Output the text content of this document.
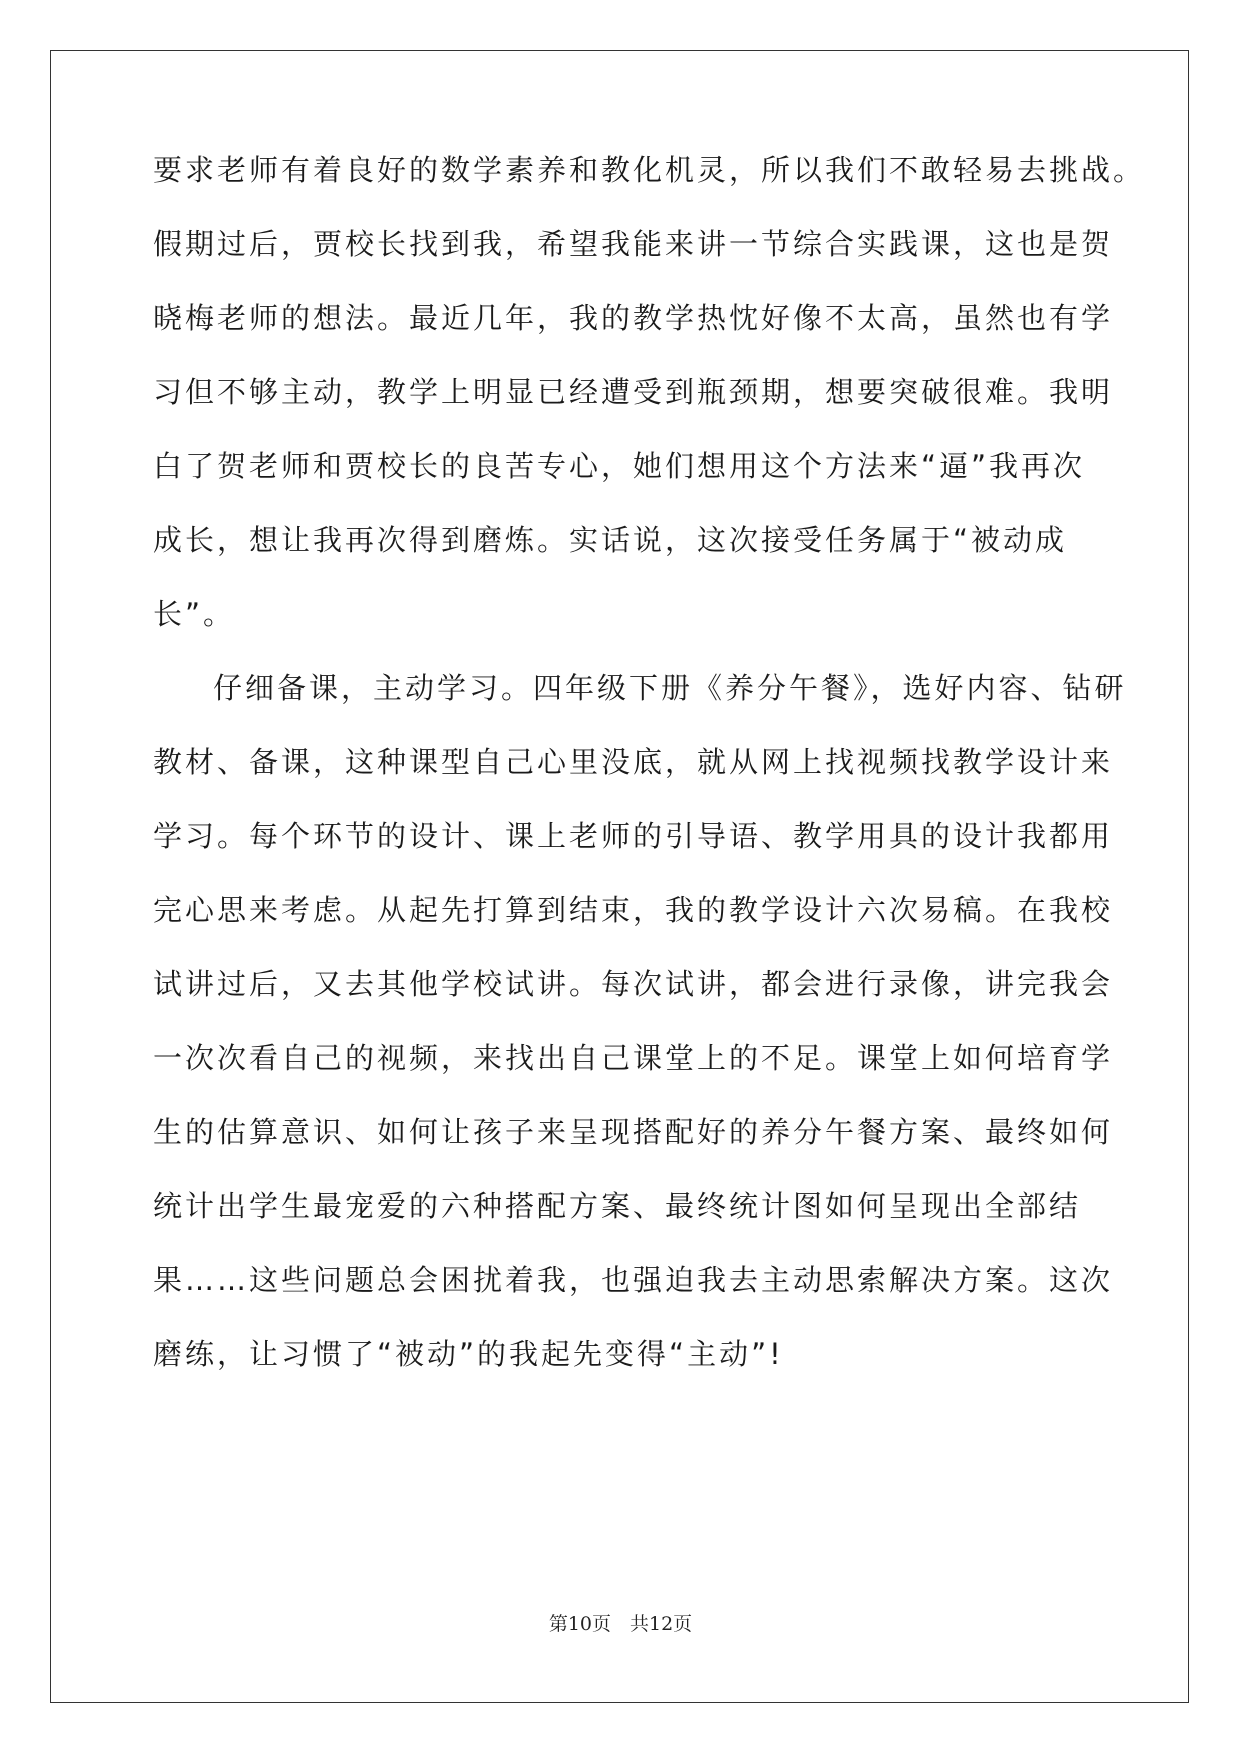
要求老师有着良好的数学素养和教化机灵，所以我们不敢轻易去挑战。

假期过后，贾校长找到我，希望我能来讲一节综合实践课，这也是贺

晓梅老师的想法。最近几年，我的教学热忱好像不太高，虽然也有学

习但不够主动，教学上明显已经遭受到瓶颈期，想要突破很难。我明

白了贺老师和贾校长的良苦专心，她们想用这个方法来“逼”我再次

成长，想让我再次得到磨炼。实话说，这次接受任务属于“被动成

长”。

仔细备课，主动学习。四年级下册《养分午餐》，选好内容、钻研

教材、备课，这种课型自己心里没底，就从网上找视频找教学设计来

学习。每个环节的设计、课上老师的引导语、教学用具的设计我都用

完心思来考虑。从起先打算到结束，我的教学设计六次易稿。在我校

试讲过后，又去其他学校试讲。每次试讲，都会进行录像，讲完我会

一次次看自己的视频，来找出自己课堂上的不足。课堂上如何培育学

生的估算意识、如何让孩子来呈现搭配好的养分午餐方案、最终如何

统计出学生最宠爱的六种搭配方案、最终统计图如何呈现出全部结

果……这些问题总会困扰着我，也强迫我去主动思索解决方案。这次

磨练，让习惯了“被动”的我起先变得“主动”!

第10页　共12页
